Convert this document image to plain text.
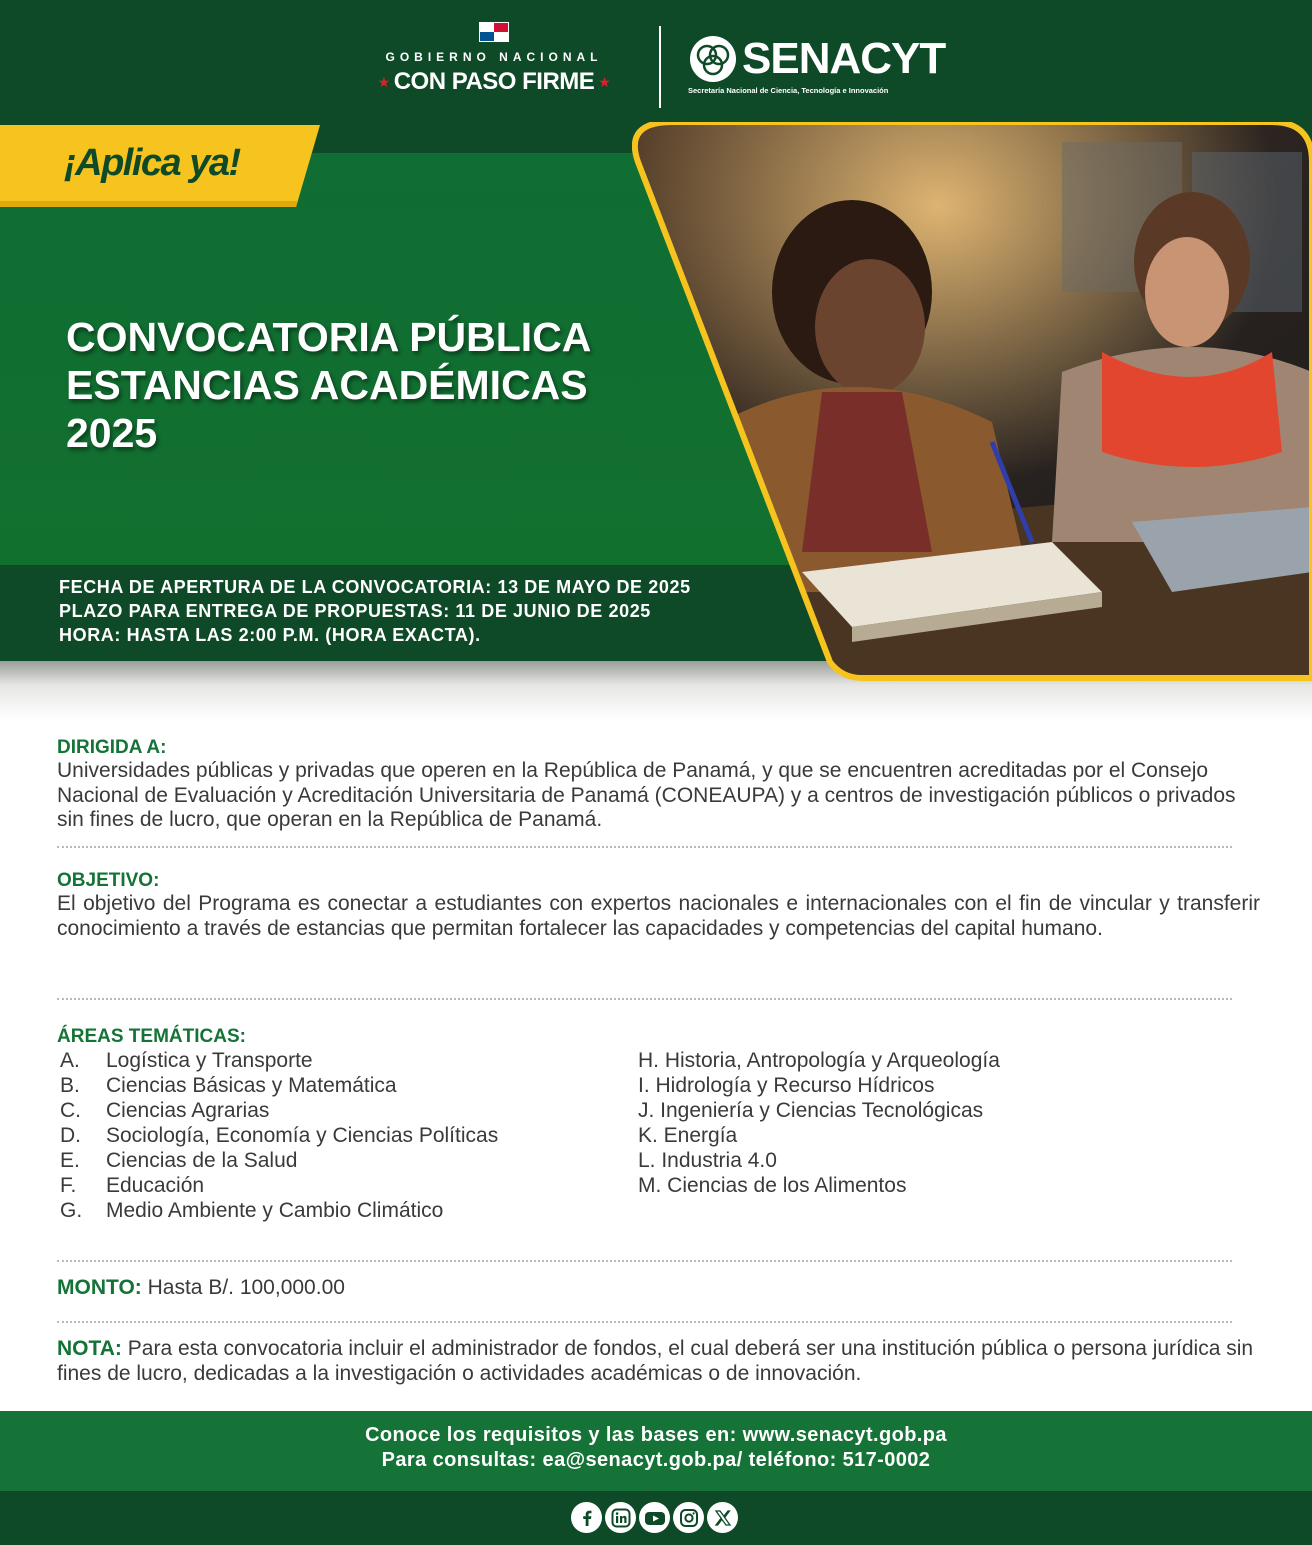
GOBIERNO NACIONAL
★ CON PASO FIRME ★	SENACYT
Secretaría Nacional de Ciencia, Tecnología e Innovación
¡Aplica ya!
CONVOCATORIA PÚBLICA
ESTANCIAS ACADÉMICAS
2025
FECHA DE APERTURA DE LA CONVOCATORIA: 13 DE MAYO DE 2025
PLAZO PARA ENTREGA DE PROPUESTAS: 11 DE JUNIO DE 2025
HORA: HASTA LAS 2:00 P.M. (HORA EXACTA).
DIRIGIDA A:
Universidades públicas y privadas que operen en la República de Panamá, y que se encuentren acreditadas por el Consejo Nacional de Evaluación y Acreditación Universitaria de Panamá (CONEAUPA) y a centros de investigación públicos o privados sin fines de lucro, que operan en la República de Panamá.
OBJETIVO:
El objetivo del Programa es conectar a estudiantes con expertos nacionales e internacionales con el fin de vincular y transferir conocimiento a través de estancias que permitan fortalecer las capacidades y competencias del capital humano.
ÁREAS TEMÁTICAS:
A. Logística y Transporte
B. Ciencias Básicas y Matemática
C. Ciencias Agrarias
D. Sociología, Economía y Ciencias Políticas
E. Ciencias de la Salud
F. Educación
G. Medio Ambiente y Cambio Climático
H. Historia, Antropología y Arqueología
I. Hidrología y Recurso Hídricos
J. Ingeniería y Ciencias Tecnológicas
K. Energía
L. Industria 4.0
M. Ciencias de los Alimentos
MONTO: Hasta B/. 100,000.00
NOTA: Para esta convocatoria incluir el administrador de fondos, el cual deberá ser una institución pública o persona jurídica sin fines de lucro, dedicadas a la investigación o actividades académicas o de innovación.
Conoce los requisitos y las bases en: www.senacyt.gob.pa
Para consultas: ea@senacyt.gob.pa/ teléfono: 517-0002
